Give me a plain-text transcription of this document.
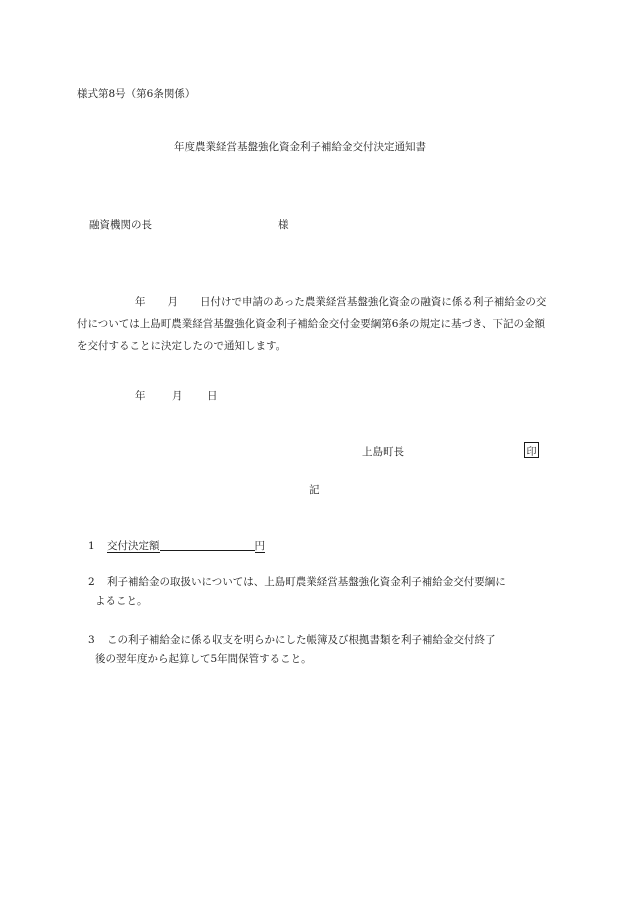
様式第8号（第6条関係）
年度農業経営基盤強化資金利子補給金交付決定通知書
融資機関の長	様
年 月 日付けで申請のあった農業経営基盤強化資金の融資に係る利子補給金の交付については上島町農業経営基盤強化資金利子補給金交付金要綱第6条の規定に基づき、下記の金額を交付することに決定したので通知します。
年	月 日
上島町長	印
記
1 交付決定額	円
2	利子補給金の取扱いについては、上島町農業経営基盤強化資金利子補給金交付要綱に
よること。
3	この利子補給金に係る収支を明らかにした帳簿及び根拠書類を利子補給金交付終了
後の翌年度から起算して5年間保管すること。
